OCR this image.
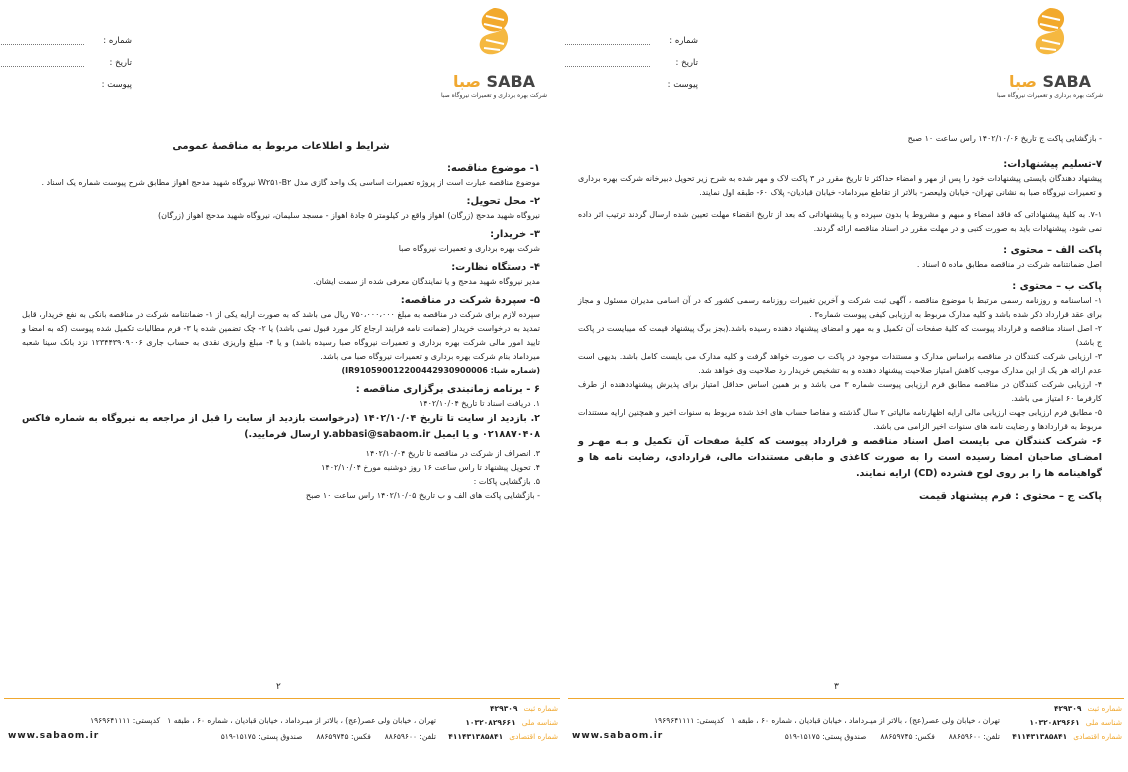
صبا SABA
شرکت بهره برداری و تعمیرات نیروگاه صبا
شماره :
تاریخ :
پیوست :

- بازگشایی پاکت ج تاریخ ۱۴۰۲/۱۰/۰۶ راس ساعت ۱۰ صبح

۷-تسلیم پیشنهادات:

پیشنهاد دهندگان بایستی پیشنهادات خود را پس از مهر و امضاء حداکثر تا تاریخ مقرر در ۳ پاکت لاک و مهر شده به شرح زیر تحویل دبیرخانه شرکت بهره برداری و تعمیرات نیروگاه صبا به نشانی تهران- خیابان ولیعصر- بالاتر از تقاطع میرداماد- خیابان قبادیان- پلاک ۶۰- طبقه اول نمایند.

۷-۱. به کلیهٔ پیشنهاداتی که فاقد امضاء و مبهم و مشروط یا بدون سپرده و یا پیشنهاداتی که بعد از تاریخ انقضاء مهلت تعیین شده ارسال گردند ترتیب اثر داده نمی شود، پیشنهادات باید به صورت کتبی و در مهلت مقرر در اسناد مناقصه ارائه گردند.

پاکت الف – محتوی :

اصل ضمانتنامه شرکت در مناقصه مطابق ماده ۵ اسناد .

پاکت ب – محتوی :

۱- اساسنامه و روزنامه رسمی مرتبط با موضوع مناقصه ، آگهی ثبت شرکت و آخرین تغییرات روزنامه رسمی کشور که در آن اسامی مدیران مسئول و مجاز برای عقد قرارداد ذکر شده باشد و کلیه مدارک مربوط به ارزیابی کیفی پیوست شماره۳ .

۲- اصل اسناد مناقصه و قرارداد پیوست که کلیهٔ صفحات آن تکمیل و به مهر و امضای پیشنهاد دهنده رسیده باشد.(بجز برگ پیشنهاد قیمت که میبایست در پاکت ج باشد)

۳- ارزیابی شرکت کنندگان در مناقصه براساس مدارک و مستندات موجود در پاکت ب صورت خواهد گرفت و کلیه مدارک می بایست کامل باشد. بدیهی است عدم ارائه هر یک از این مدارک موجب کاهش امتیاز صلاحیت پیشنهاد دهنده و به تشخیص خریدار رد صلاحیت وی خواهد شد.

۴- ارزیابی شرکت کنندگان در مناقصه مطابق فرم ارزیابی پیوست شماره ۳ می باشد و بر همین اساس حداقل امتیاز برای پذیرش پیشنهاددهنده از طرف کارفرما ۶۰ امتیاز می باشد.

۵- مطابق فرم ارزیابی جهت ارزیابی مالی ارایه اظهارنامه مالیاتی ۲ سال گذشته و مفاصا حساب های اخذ شده مربوط به سنوات اخیر و همچنین ارایه مستندات مربوط به قراردادها و رضایت نامه های سنوات اخیر الزامی می باشد.

۶- شرکت کنندگان می بایست اصل اسناد مناقصه و قرارداد پیوست که کلیهٔ صفحات آن تکمیل و بـه مهـر و امضـای صاحبان امضا رسیده است را به صورت کاغذی و مابقی مستندات مالی، قراردادی، رضایت نامه ها و گواهینامه ها را بر روی لوح فشرده (CD) ارایه نمایند.

پاکت ج – محتوی : فرم پیشنهاد قیمت
۳
شماره ثبت۴۲۹۳۰۹
شناسه ملی۱۰۳۲۰۸۲۹۶۶۱
شماره اقتصادی۴۱۱۴۳۱۳۸۵۸۴۱
تهران ، خیابان ولی عصر(عج) ، بالاتر از میـرداماد ، خیابان قبادیان ، شماره ۶۰ ، طبقه ۱   کدپستی: ۱۹۶۹۶۴۱۱۱۱
تلفن: ۸۸۶۵۹۶۰۰فکس: ۸۸۶۵۹۷۴۵صندوق پستی: ۱۵۱۷۵-۵۱۹
www.sabaom.ir
صبا SABA
شرکت بهره برداری و تعمیرات نیروگاه صبا
شماره :
تاریخ :
پیوست :
شرایط و اطلاعات مربوط به مناقصهٔ عمومی
۱- موضوع مناقصه:

موضوع مناقصه عبارت است از پروژه تعمیرات اساسی یک واحد گازی مدل W۲۵۱-B۲ نیروگاه شهید مدحج اهواز مطابق شرح پیوست شماره یک اسناد .

۲- محل تحویل:

نیروگاه شهید مدحج (زرگان) اهواز واقع در کیلومتر ۵ جادهٔ اهواز - مسجد سلیمان، نیروگاه شهید مدحج اهواز (زرگان)

۳- خریدار:

شرکت بهره برداری و تعمیرات نیروگاه صبا

۴- دستگاه نظارت:

مدیر نیروگاه شهید مدحج و یا نمایندگان معرفی شده از سمت ایشان.

۵- سپردهٔ شرکت در مناقصه:

سپرده لازم برای شرکت در مناقصه به مبلغ ۷۵۰،۰۰۰،۰۰۰ ریال می باشد که به صورت ارایه یکی از ۱- ضمانتنامه شرکت در مناقصه بانکی به نفع خریدار، قابل تمدید به درخواست خریدار (ضمانت نامه فرایند ارجاع کار مورد قبول نمی باشد) یا ۲- چک تضمین شده یا ۳- فرم مطالبات تکمیل شده پیوست (که به امضا و تایید امور مالی شرکت بهره برداری و تعمیرات نیروگاه صبا رسیده باشد) و یا ۴- مبلغ واریزی نقدی به حساب جاری ۱۲۳۴۴۳۹۰۹۰۰۶ نزد بانک سینا شعبه میرداماد بنام شرکت بهره برداری و تعمیرات نیروگاه صبا می باشد.

(شماره شبا: IR910590012200442930900006)

۶ - برنامه زمانبندی برگزاری مناقصه :

۱. دریافت اسناد تا تاریخ ۱۴۰۲/۱۰/۰۴

۲. بازدید از سایت تا تاریخ ۱۴۰۲/۱۰/۰۴ (درخواست بازدید از سایت را قبل از مراجعه به نیروگاه به شماره فاکس ۰۲۱۸۸۷۰۴۰۸ و یا ایمیل y.abbasi@sabaom.ir ارسال فرمایید.)

۳. انصراف از شرکت در مناقصه تا تاریخ ۱۴۰۲/۱۰/۰۴

۴. تحویل پیشنهاد تا راس ساعت ۱۶ روز دوشنبه مورخ ۱۴۰۲/۱۰/۰۴

۵. بازگشایی پاکات :

- بازگشایی پاکت های الف و ب تاریخ ۱۴۰۲/۱۰/۰۵ راس ساعت ۱۰ صبح

۲
شماره ثبت۴۲۹۳۰۹
شناسه ملی۱۰۳۲۰۸۲۹۶۶۱
شماره اقتصادی۴۱۱۴۳۱۳۸۵۸۴۱
تهران ، خیابان ولی عصر(عج) ، بالاتر از میـرداماد ، خیابان قبادیان ، شماره ۶۰ ، طبقه ۱   کدپستی: ۱۹۶۹۶۴۱۱۱۱
تلفن: ۸۸۶۵۹۶۰۰فکس: ۸۸۶۵۹۷۴۵صندوق پستی: ۱۵۱۷۵-۵۱۹
www.sabaom.ir
